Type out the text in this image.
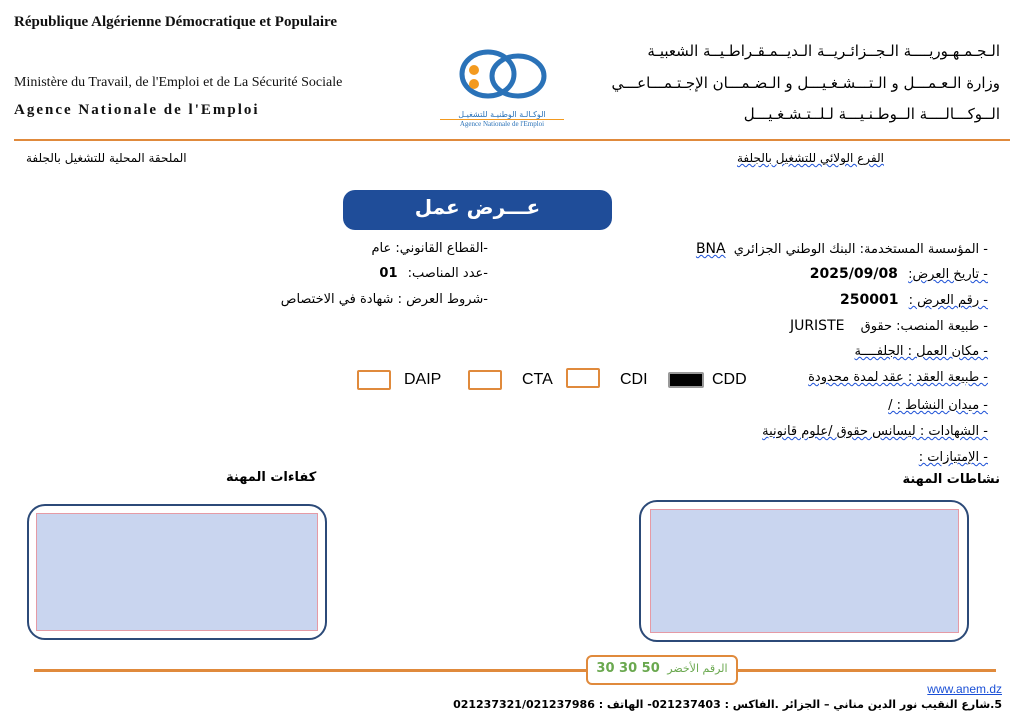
République Algérienne Démocratique et Populaire
Ministère du Travail, de l'Emploi et de La Sécurité Sociale
Agence Nationale de l'Emploi
الـجـمـهـوريــــة الـجــزائـريــة الـديــمـقـراطـيــة الشعبيـة
وزارة الـعـمـــل و الـتـــشـغـيـــل و الـضـمـــان الإجـتـمـــاعـــي
الــوكـــالــــة الــوطـنـيـــة لـلــتـشـغـيـــل
الوكـالـة الوطنيـة للتشغيـل
Agence Nationale de l'Emploi
الملحقة المحلية للتشغيل بالجلفة	الفرع الولائي للتشغيل بالجلفة
عـــرض عمل
-القطاع القانوني: عام
-عدد المناصب: 01
-شروط العرض : شهادة في الاختصاص
- المؤسسة المستخدمة: البنك الوطني الجزائري BNA
- تاريخ العرض: 2025/09/08
- رقم العرض : 250001
- طبيعة المنصب: حقوق JURISTE
- مكان العمل : الجلفــــة
- طبيعة العقد : عقد لمدة محدودة
- ميدان النشاط : /
- الشهادات : ليسانس حقوق /علوم قانونية
- الإمتيازات :
DAIP	CTA	CDI	CDD
كفاءات المهنة	نشاطات المهنة
الرقم الأخضر 50 30 30
www.anem.dz
5.شارع النقيب نور الدين مناني – الجزائر .الفاكس : 021237403- الهاتف : 021237321/021237986
